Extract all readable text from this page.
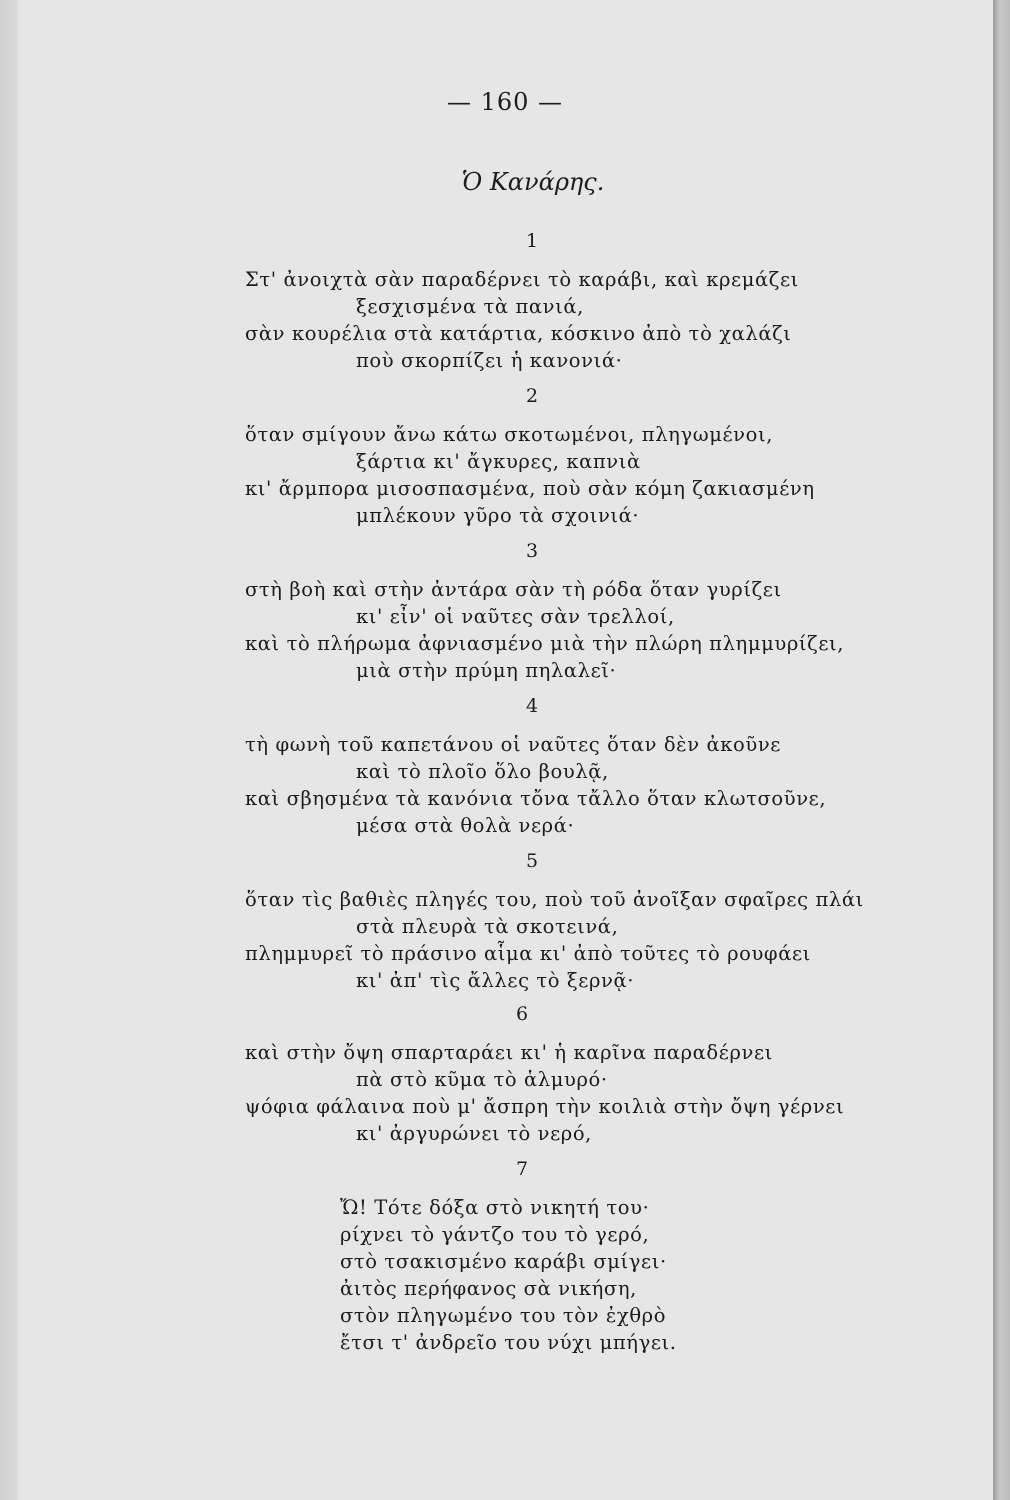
— 160 —
Ὁ Κανάρης.
1
Στ' ἀνοιχτὰ σὰν παραδέρνει τὸ καράβι, καὶ κρεμάζει
ξεσχισμένα τὰ πανιά,
σὰν κουρέλια στὰ κατάρτια, κόσκινο ἀπὸ τὸ χαλάζι
ποὺ σκορπίζει ἡ κανονιά·
2
ὅταν σμίγουν ἄνω κάτω σκοτωμένοι, πληγωμένοι,
ξάρτια κι' ἄγκυρες, καπνιὰ
κι' ἄρμπορα μισοσπασμένα, ποὺ σὰν κόμη ζακιασμένη
μπλέκουν γῦρο τὰ σχοινιά·
3
στὴ βοὴ καὶ στὴν ἀντάρα σὰν τὴ ρόδα ὅταν γυρίζει
κι' εἶν' οἱ ναῦτες σὰν τρελλοί,
καὶ τὸ πλήρωμα ἀφνιασμένο μιὰ τὴν πλώρη πλημμυρίζει,
μιὰ στὴν πρύμη πηλαλεῖ·
4
τὴ φωνὴ τοῦ καπετάνου οἱ ναῦτες ὅταν δὲν ἀκοῦνε
καὶ τὸ πλοῖο ὅλο βουλᾷ,
καὶ σβησμένα τὰ κανόνια τὄνα τἄλλο ὅταν κλωτσοῦνε,
μέσα στὰ θολὰ νερά·
5
ὅταν τὶς βαθιὲς πληγές του, ποὺ τοῦ ἀνοῖξαν σφαῖρες πλάι
στὰ πλευρὰ τὰ σκοτεινά,
πλημμυρεῖ τὸ πράσινο αἷμα κι' ἀπὸ τοῦτες τὸ ρουφάει
κι' ἀπ' τὶς ἄλλες τὸ ξερνᾷ·
6
καὶ στὴν ὄψη σπαρταράει κι' ἡ καρῖνα παραδέρνει
πὰ στὸ κῦμα τὸ ἁλμυρό·
ψόφια φάλαινα ποὺ μ' ἄσπρη τὴν κοιλιὰ στὴν ὄψη γέρνει
κι' ἀργυρώνει τὸ νερό,
7
Ὤ! Τότε δόξα στὸ νικητή του·
ρίχνει τὸ γάντζο του τὸ γερό,
στὸ τσακισμένο καράβι σμίγει·
ἀιτὸς περήφανος σὰ νικήση,
στὸν πληγωμένο του τὸν ἐχθρὸ
ἔτσι τ' ἀνδρεῖο του νύχι μπήγει.
